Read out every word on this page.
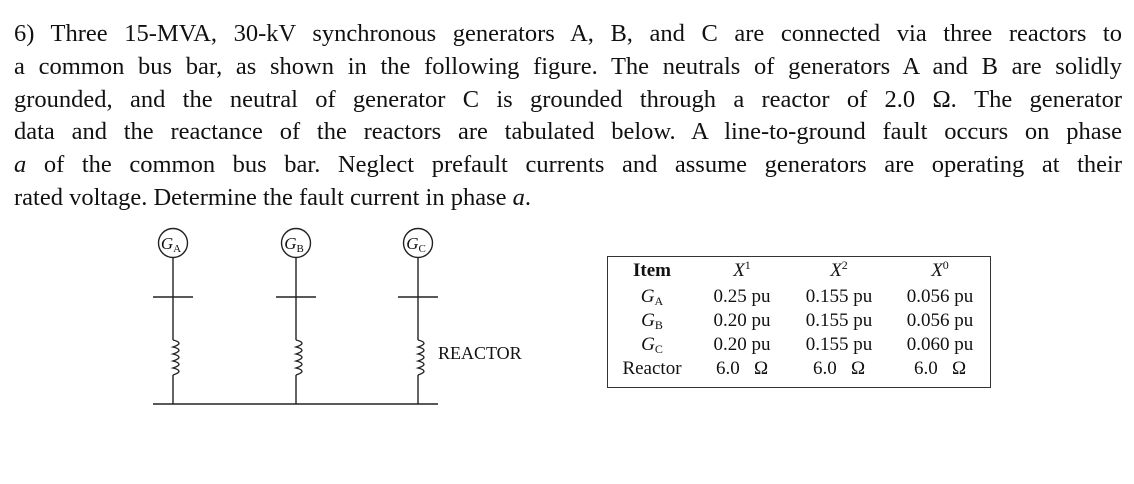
6) Three 15-MVA, 30-kV synchronous generators A, B, and C are connected via three reactors to
a common bus bar, as shown in the following figure. The neutrals of generators A and B are solidly
grounded, and the neutral of generator C is grounded through a reactor of 2.0 Ω. The generator
data and the reactance of the reactors are tabulated below. A line-to-ground fault occurs on phase
a of the common bus bar. Neglect prefault currents and assume generators are operating at their
rated voltage. Determine the fault current in phase a.
GA	GB	GC
REACTOR
Item	$X^1$	$X^2$	$X^0$
$G_A$	0.25 pu	0.155 pu	0.056 pu
$G_B$	0.20 pu	0.155 pu	0.056 pu
$G_C$	0.20 pu	0.155 pu	0.060 pu
Reactor	6.0   Ω	6.0   Ω	6.0   Ω
